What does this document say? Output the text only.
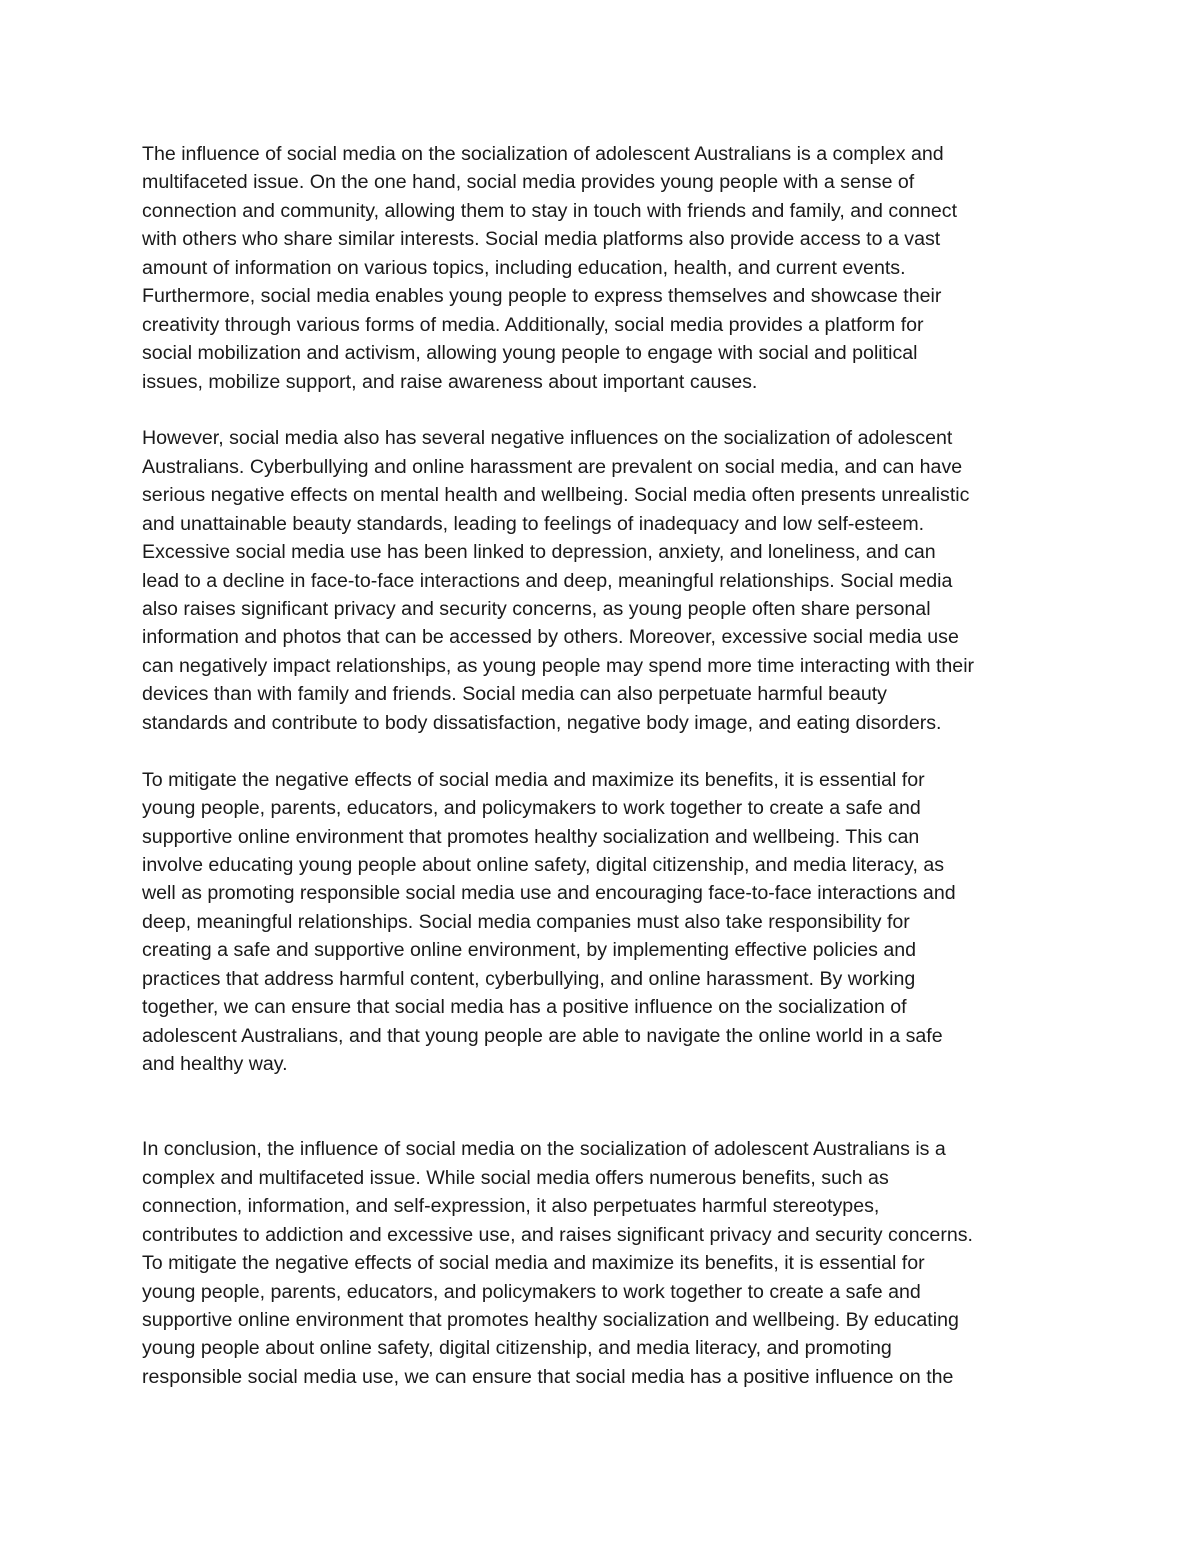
The influence of social media on the socialization of adolescent Australians is a complex and
multifaceted issue. On the one hand, social media provides young people with a sense of
connection and community, allowing them to stay in touch with friends and family, and connect
with others who share similar interests. Social media platforms also provide access to a vast
amount of information on various topics, including education, health, and current events.
Furthermore, social media enables young people to express themselves and showcase their
creativity through various forms of media. Additionally, social media provides a platform for
social mobilization and activism, allowing young people to engage with social and political
issues, mobilize support, and raise awareness about important causes.
However, social media also has several negative influences on the socialization of adolescent
Australians. Cyberbullying and online harassment are prevalent on social media, and can have
serious negative effects on mental health and wellbeing. Social media often presents unrealistic
and unattainable beauty standards, leading to feelings of inadequacy and low self-esteem.
Excessive social media use has been linked to depression, anxiety, and loneliness, and can
lead to a decline in face-to-face interactions and deep, meaningful relationships. Social media
also raises significant privacy and security concerns, as young people often share personal
information and photos that can be accessed by others. Moreover, excessive social media use
can negatively impact relationships, as young people may spend more time interacting with their
devices than with family and friends. Social media can also perpetuate harmful beauty
standards and contribute to body dissatisfaction, negative body image, and eating disorders.
To mitigate the negative effects of social media and maximize its benefits, it is essential for
young people, parents, educators, and policymakers to work together to create a safe and
supportive online environment that promotes healthy socialization and wellbeing. This can
involve educating young people about online safety, digital citizenship, and media literacy, as
well as promoting responsible social media use and encouraging face-to-face interactions and
deep, meaningful relationships. Social media companies must also take responsibility for
creating a safe and supportive online environment, by implementing effective policies and
practices that address harmful content, cyberbullying, and online harassment. By working
together, we can ensure that social media has a positive influence on the socialization of
adolescent Australians, and that young people are able to navigate the online world in a safe
and healthy way.
In conclusion, the influence of social media on the socialization of adolescent Australians is a
complex and multifaceted issue. While social media offers numerous benefits, such as
connection, information, and self-expression, it also perpetuates harmful stereotypes,
contributes to addiction and excessive use, and raises significant privacy and security concerns.
To mitigate the negative effects of social media and maximize its benefits, it is essential for
young people, parents, educators, and policymakers to work together to create a safe and
supportive online environment that promotes healthy socialization and wellbeing. By educating
young people about online safety, digital citizenship, and media literacy, and promoting
responsible social media use, we can ensure that social media has a positive influence on the
